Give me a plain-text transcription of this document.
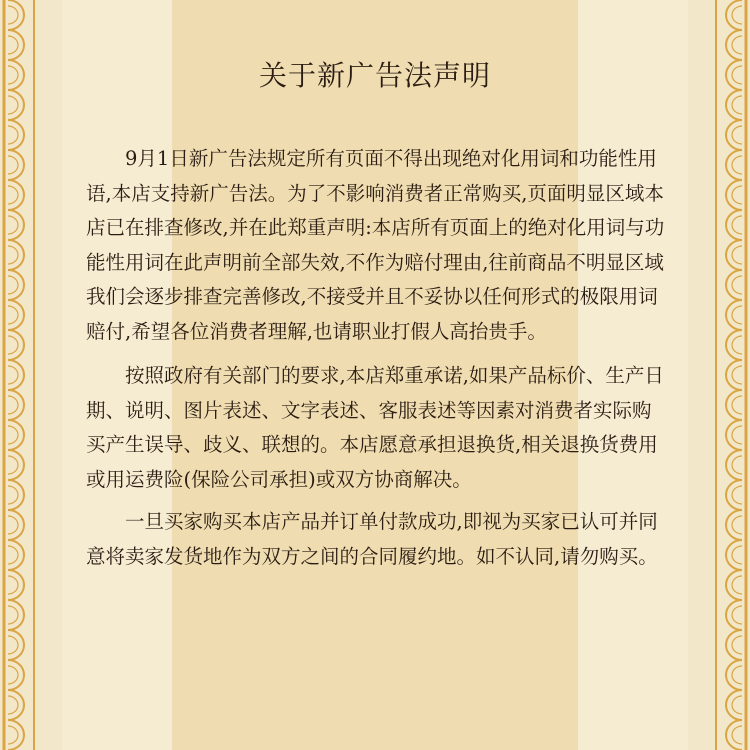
关于新广告法声明

9月1日新广告法规定所有页面不得出现绝对化用词和功能性用语,本店支持新广告法。为了不影响消费者正常购买,页面明显区域本店已在排查修改,并在此郑重声明:本店所有页面上的绝对化用词与功能性用词在此声明前全部失效,不作为赔付理由,往前商品不明显区域我们会逐步排查完善修改,不接受并且不妥协以任何形式的极限用词赔付,希望各位消费者理解,也请职业打假人高抬贵手。

按照政府有关部门的要求,本店郑重承诺,如果产品标价、生产日期、说明、图片表述、文字表述、客服表述等因素对消费者实际购买产生误导、歧义、联想的。本店愿意承担退换货,相关退换货费用或用运费险(保险公司承担)或双方协商解决。

一旦买家购买本店产品并订单付款成功,即视为买家已认可并同意将卖家发货地作为双方之间的合同履约地。如不认同,请勿购买。
